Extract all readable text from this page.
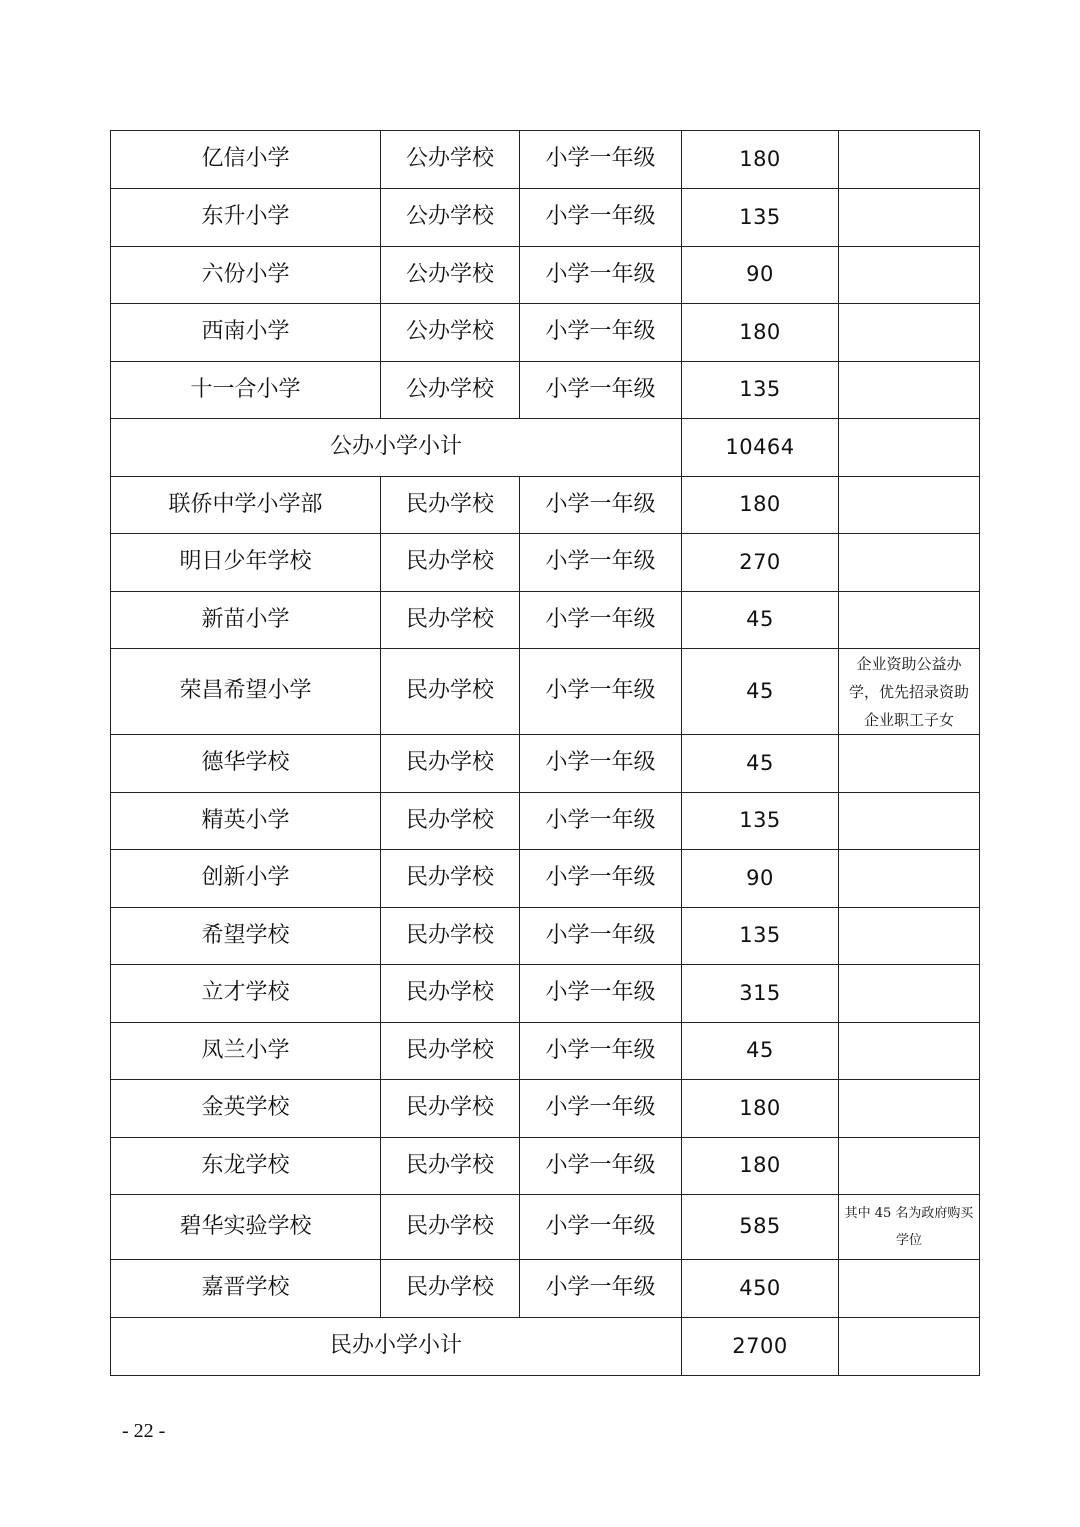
亿信小学	公办学校	小学一年级	180	
东升小学	公办学校	小学一年级	135	
六份小学	公办学校	小学一年级	90	
西南小学	公办学校	小学一年级	180	
十一合小学	公办学校	小学一年级	135	
公办小学小计			10464	
联侨中学小学部	民办学校	小学一年级	180	
明日少年学校	民办学校	小学一年级	270	
新苗小学	民办学校	小学一年级	45	
荣昌希望小学	民办学校	小学一年级	45	企业资助公益办学，优先招录资助企业职工子女
德华学校	民办学校	小学一年级	45	
精英小学	民办学校	小学一年级	135	
创新小学	民办学校	小学一年级	90	
希望学校	民办学校	小学一年级	135	
立才学校	民办学校	小学一年级	315	
凤兰小学	民办学校	小学一年级	45	
金英学校	民办学校	小学一年级	180	
东龙学校	民办学校	小学一年级	180	
碧华实验学校	民办学校	小学一年级	585	其中 45 名为政府购买学位
嘉晋学校	民办学校	小学一年级	450	
民办小学小计			2700	
- 22 -
